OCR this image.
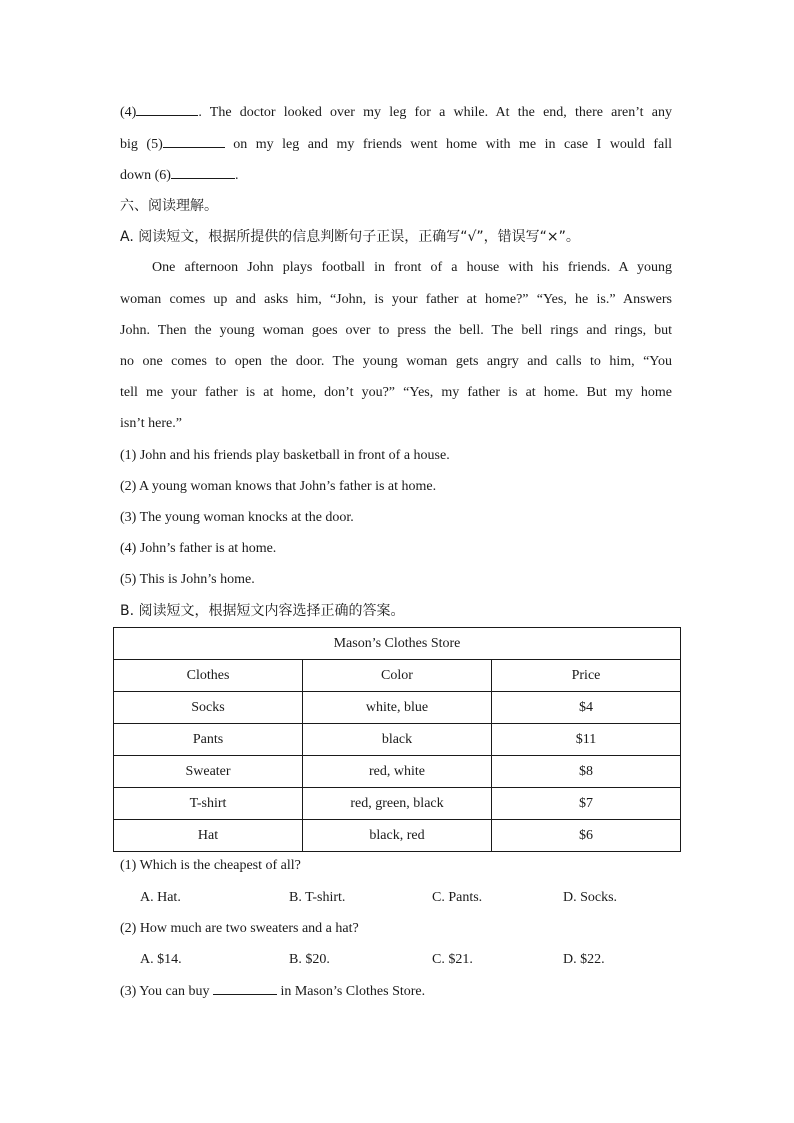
(4)	. The doctor looked over my leg for a while. At the end, there aren’t any
big (5)	on my leg and my friends went home with me in case I would fall
down (6)	.
六、阅读理解。
A. 阅读短文，根据所提供的信息判断句子正误，正确写“√”，错误写“×”。
One afternoon John plays football in front of a house with his friends. A young
woman comes up and asks him, “John, is your father at home?” “Yes, he is.” Answers
John. Then the young woman goes over to press the bell. The bell rings and rings, but
no one comes to open the door. The young woman gets angry and calls to him, “You
tell me your father is at home, don’t you?” “Yes, my father is at home. But my home
isn’t here.”
(1) John and his friends play basketball in front of a house.
(2) A young woman knows that John’s father is at home.
(3) The young woman knocks at the door.
(4) John’s father is at home.
(5) This is John’s home.
B. 阅读短文，根据短文内容选择正确的答案。
Mason’s Clothes Store		
Clothes	Color	Price
Socks	white, blue	$4
Pants	black	$11
Sweater	red, white	$8
T-shirt	red, green, black	$7
Hat	black, red	$6
(1) Which is the cheapest of all?
A. Hat.	B. T-shirt.	C. Pants.	D. Socks.
(2) How much are two sweaters and a hat?
A. $14.	B. $20.	C. $21.	D. $22.
(3) You can buy	in Mason’s Clothes Store.
